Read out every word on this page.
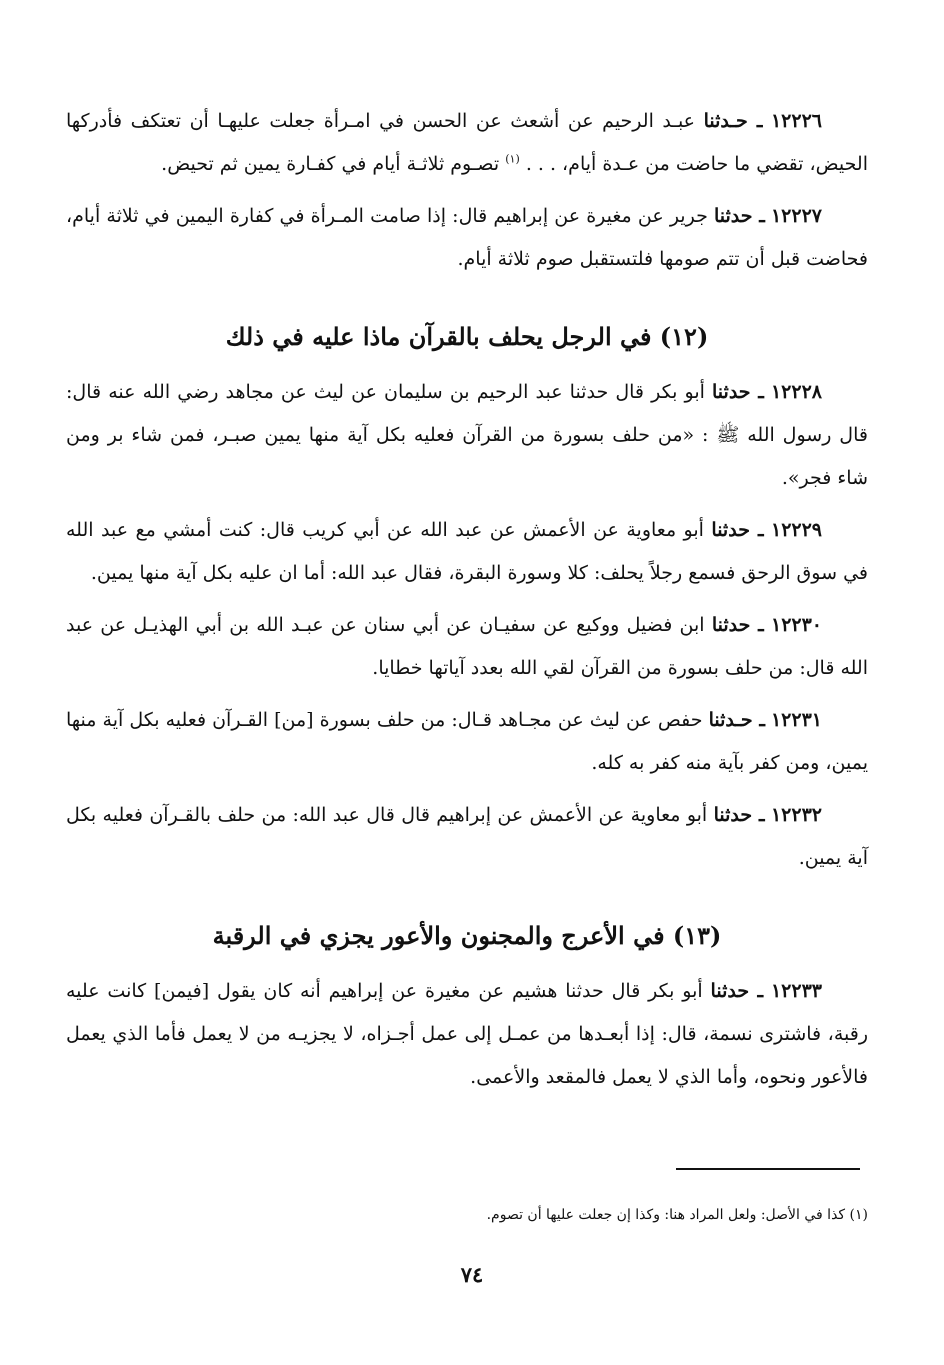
١٢٢٢٦ ـ حـدثنا عبـد الرحيم عن أشعث عن الحسن في امـرأة جعلت عليهـا أن تعتكف فأدركها الحيض، تقضي ما حاضت من عـدة أيام، . . . $^{(١)}$ تصـوم ثلاثـة أيام في كفـارة يمين ثم تحيض.

١٢٢٢٧ ـ حدثنا جرير عن مغيرة عن إبراهيم قال: إذا صامت المـرأة في كفارة اليمين في ثلاثة أيام، فحاضت قبل أن تتم صومها فلتستقبل صوم ثلاثة أيام.

(١٢) في الرجل يحلف بالقرآن ماذا عليه في ذلك

١٢٢٢٨ ـ حدثنا أبو بكر قال حدثنا عبد الرحيم بن سليمان عن ليث عن مجاهد رضي الله عنه قال: قال رسول الله ﷺ : «من حلف بسورة من القرآن فعليه بكل آية منها يمين صبـر، فمن شاء بر ومن شاء فجر».

١٢٢٢٩ ـ حدثنا أبو معاوية عن الأعمش عن عبد الله عن أبي كريب قال: كنت أمشي مع عبد الله في سوق الرحق فسمع رجلاً يحلف: كلا وسورة البقرة، فقال عبد الله: أما ان عليه بكل آية منها يمين.

١٢٢٣٠ ـ حدثنا ابن فضيل ووكيع عن سفيـان عن أبي سنان عن عبـد الله بن أبي الهذيـل عن عبد الله قال: من حلف بسورة من القرآن لقي الله بعدد آياتها خطايا.

١٢٢٣١ ـ حـدثنا حفص عن ليث عن مجـاهد قـال: من حلف بسورة [من] القـرآن فعليه بكل آية منها يمين، ومن كفر بآية منه كفر به كله.

١٢٢٣٢ ـ حدثنا أبو معاوية عن الأعمش عن إبراهيم قال قال عبد الله: من حلف بالقـرآن فعليه بكل آية يمين.

(١٣) في الأعرج والمجنون والأعور يجزي في الرقبة

١٢٢٣٣ ـ حدثنا أبو بكر قال حدثنا هشيم عن مغيرة عن إبراهيم أنه كان يقول [فيمن] كانت عليه رقبة، فاشترى نسمة، قال: إذا أبعـدها من عمـل إلى عمل أجـزاه، لا يجزيـه من لا يعمل فأما الذي يعمل فالأعور ونحوه، وأما الذي لا يعمل فالمقعد والأعمى.

(١) كذا في الأصل: ولعل المراد هنا: وكذا إن جعلت عليها أن تصوم.
٧٤
